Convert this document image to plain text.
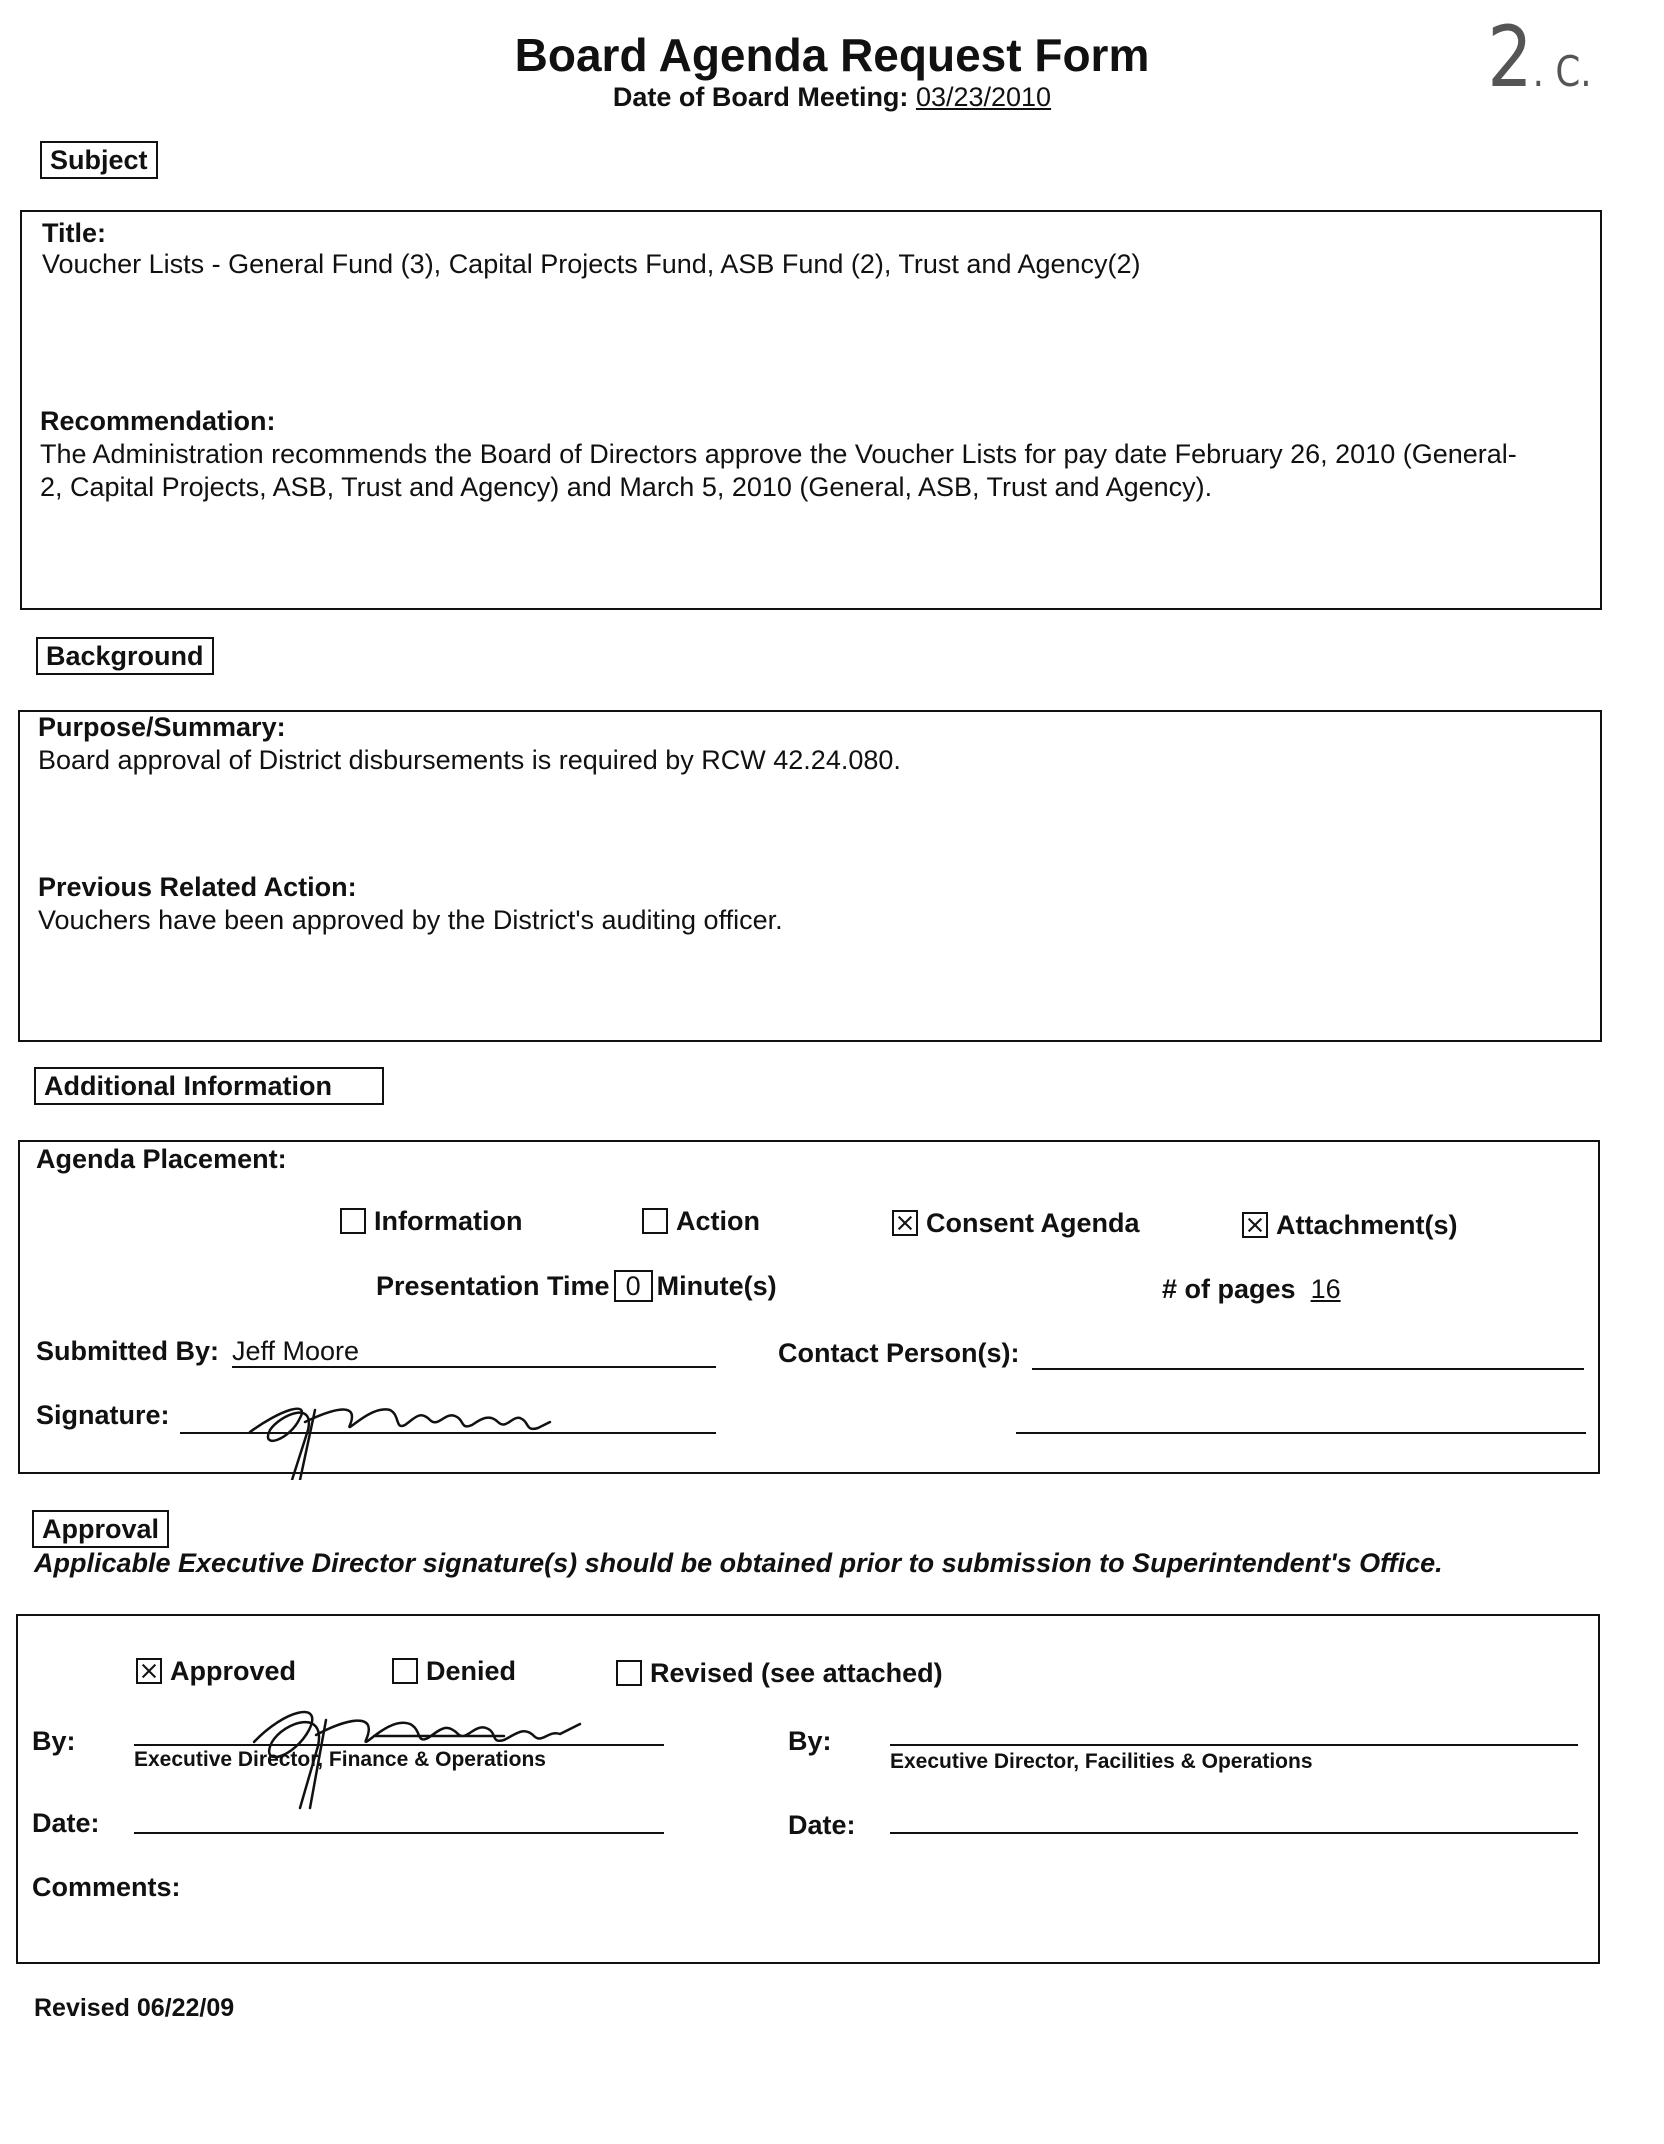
Board Agenda Request Form
Date of Board Meeting: 03/23/2010	2. C.
Subject
Title:
Voucher Lists - General Fund (3), Capital Projects Fund, ASB Fund (2), Trust and Agency(2)
Recommendation:
The Administration recommends the Board of Directors approve the Voucher Lists for pay date February 26, 2010 (General-
2, Capital Projects, ASB, Trust and Agency) and March 5, 2010 (General, ASB, Trust and Agency).
Background
Purpose/Summary:
Board approval of District disbursements is required by RCW 42.24.080.
Previous Related Action:
Vouchers have been approved by the District's auditing officer.
Additional Information
Agenda Placement:
Information	Action	Consent Agenda	Attachment(s)
Presentation Time 0 Minute(s)	# of pages 16
Submitted By: Jeff Moore	Contact Person(s):
Signature:
Approval
Applicable Executive Director signature(s) should be obtained prior to submission to Superintendent's Office.
Approved	Denied	Revised (see attached)
By:
Executive Director, Finance & Operations
By:
Executive Director, Facilities & Operations
Date:	Date:
Comments:
Revised 06/22/09
